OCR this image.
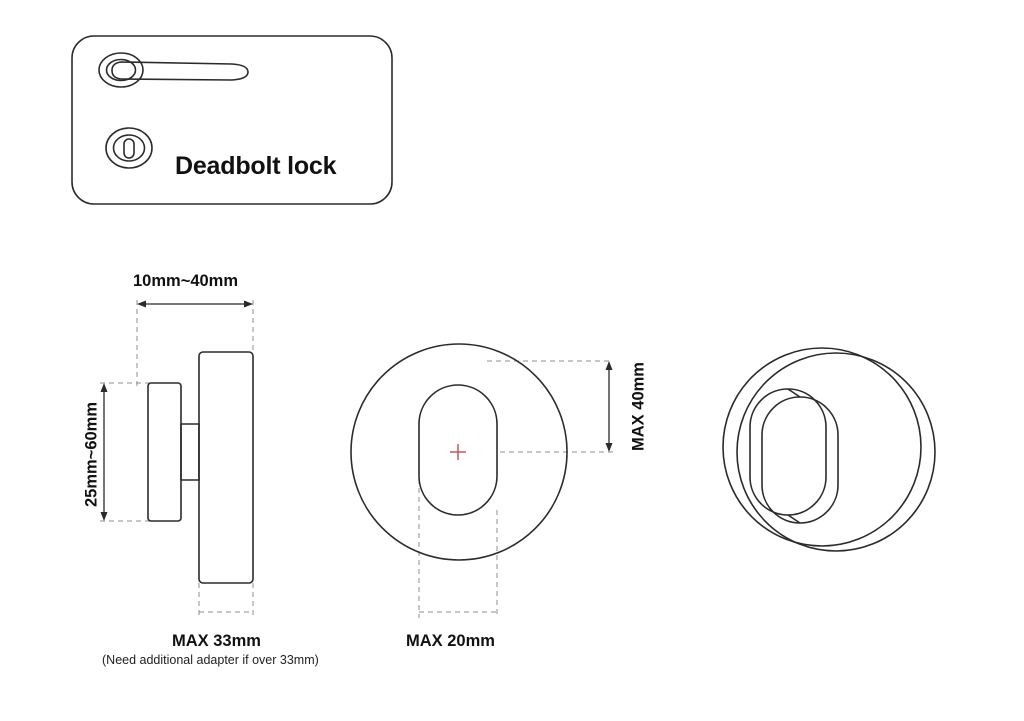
Deadbolt lock
10mm~40mm
25mm~60mm
MAX 33mm
(Need additional adapter if over 33mm)
MAX 20mm
MAX 40mm
